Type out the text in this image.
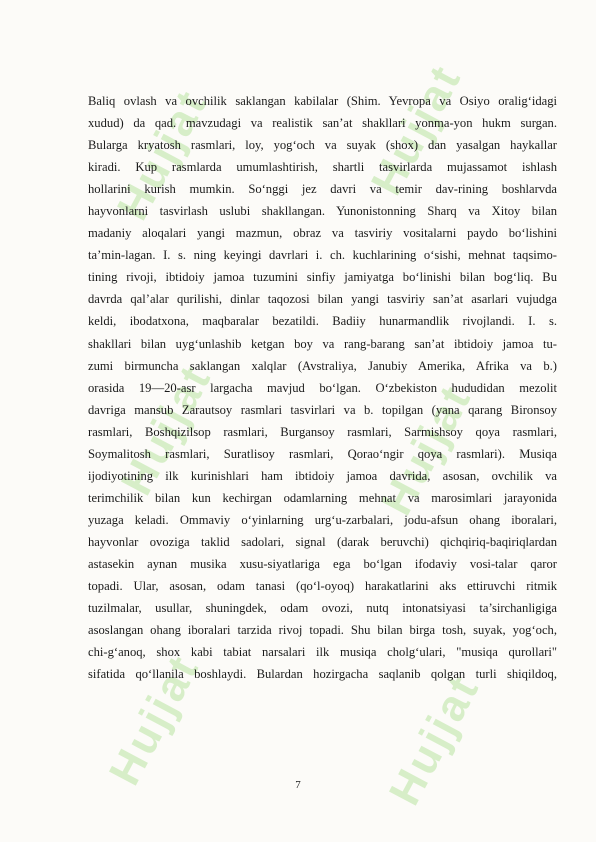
Hujjat	Hujjat
Hujjat	Hujjat
Hujjat	Hujjat
Baliq ovlash va ovchilik saklangan kabilalar (Shim. Yevropa va Osiyo oralig‘idagi
xudud) da qad. mavzudagi va realistik san’at shakllari yonma-yon hukm surgan.
Bularga kryatosh rasmlari, loy, yog‘och va suyak (shox) dan yasalgan haykallar
kiradi. Kup rasmlarda umumlashtirish, shartli tasvirlarda mujassamot ishlash
hollarini kurish mumkin. So‘nggi jez davri va temir dav-rining boshlarvda
hayvonlarni tasvirlash uslubi shakllangan. Yunonistonning Sharq va Xitoy bilan
madaniy aloqalari yangi mazmun, obraz va tasviriy vositalarni paydo bo‘lishini
ta’min-lagan. I. s. ning keyingi davrlari i. ch. kuchlarining o‘sishi, mehnat taqsimo-
tining rivoji, ibtidoiy jamoa tuzumini sinfiy jamiyatga bo‘linishi bilan bog‘liq. Bu
davrda qal’alar qurilishi, dinlar taqozosi bilan yangi tasviriy san’at asarlari vujudga
keldi, ibodatxona, maqbaralar bezatildi. Badiiy hunarmandlik rivojlandi. I. s.
shakllari bilan uyg‘unlashib ketgan boy va rang-barang san’at ibtidoiy jamoa tu-
zumi birmuncha saklangan xalqlar (Avstraliya, Janubiy Amerika, Afrika va b.)
orasida 19—20-asr largacha mavjud bo‘lgan. O‘zbekiston hududidan mezolit
davriga mansub Zarautsoy rasmlari tasvirlari va b. topilgan (yana qarang Bironsoy
rasmlari, Boshqizilsop rasmlari, Burgansoy rasmlari, Sarmishsoy qoya rasmlari,
Soymalitosh rasmlari, Suratlisoy rasmlari, Qorao‘ngir qoya rasmlari). Musiqa
ijodiyotining ilk kurinishlari ham ibtidoiy jamoa davrida, asosan, ovchilik va
terimchilik bilan kun kechirgan odamlarning mehnat va marosimlari jarayonida
yuzaga keladi. Ommaviy o‘yinlarning urg‘u-zarbalari, jodu-afsun ohang iboralari,
hayvonlar ovoziga taklid sadolari, signal (darak beruvchi) qichqiriq-baqiriqlardan
astasekin aynan musika xusu-siyatlariga ega bo‘lgan ifodaviy vosi-talar qaror
topadi. Ular, asosan, odam tanasi (qo‘l-oyoq) harakatlarini aks ettiruvchi ritmik
tuzilmalar, usullar, shuningdek, odam ovozi, nutq intonatsiyasi ta’sirchanligiga
asoslangan ohang iboralari tarzida rivoj topadi. Shu bilan birga tosh, suyak, yog‘och,
chi-g‘anoq, shox kabi tabiat narsalari ilk musiqa cholg‘ulari, "musiqa qurollari"
sifatida qo‘llanila boshlaydi. Bulardan hozirgacha saqlanib qolgan turli shiqildoq,
7
